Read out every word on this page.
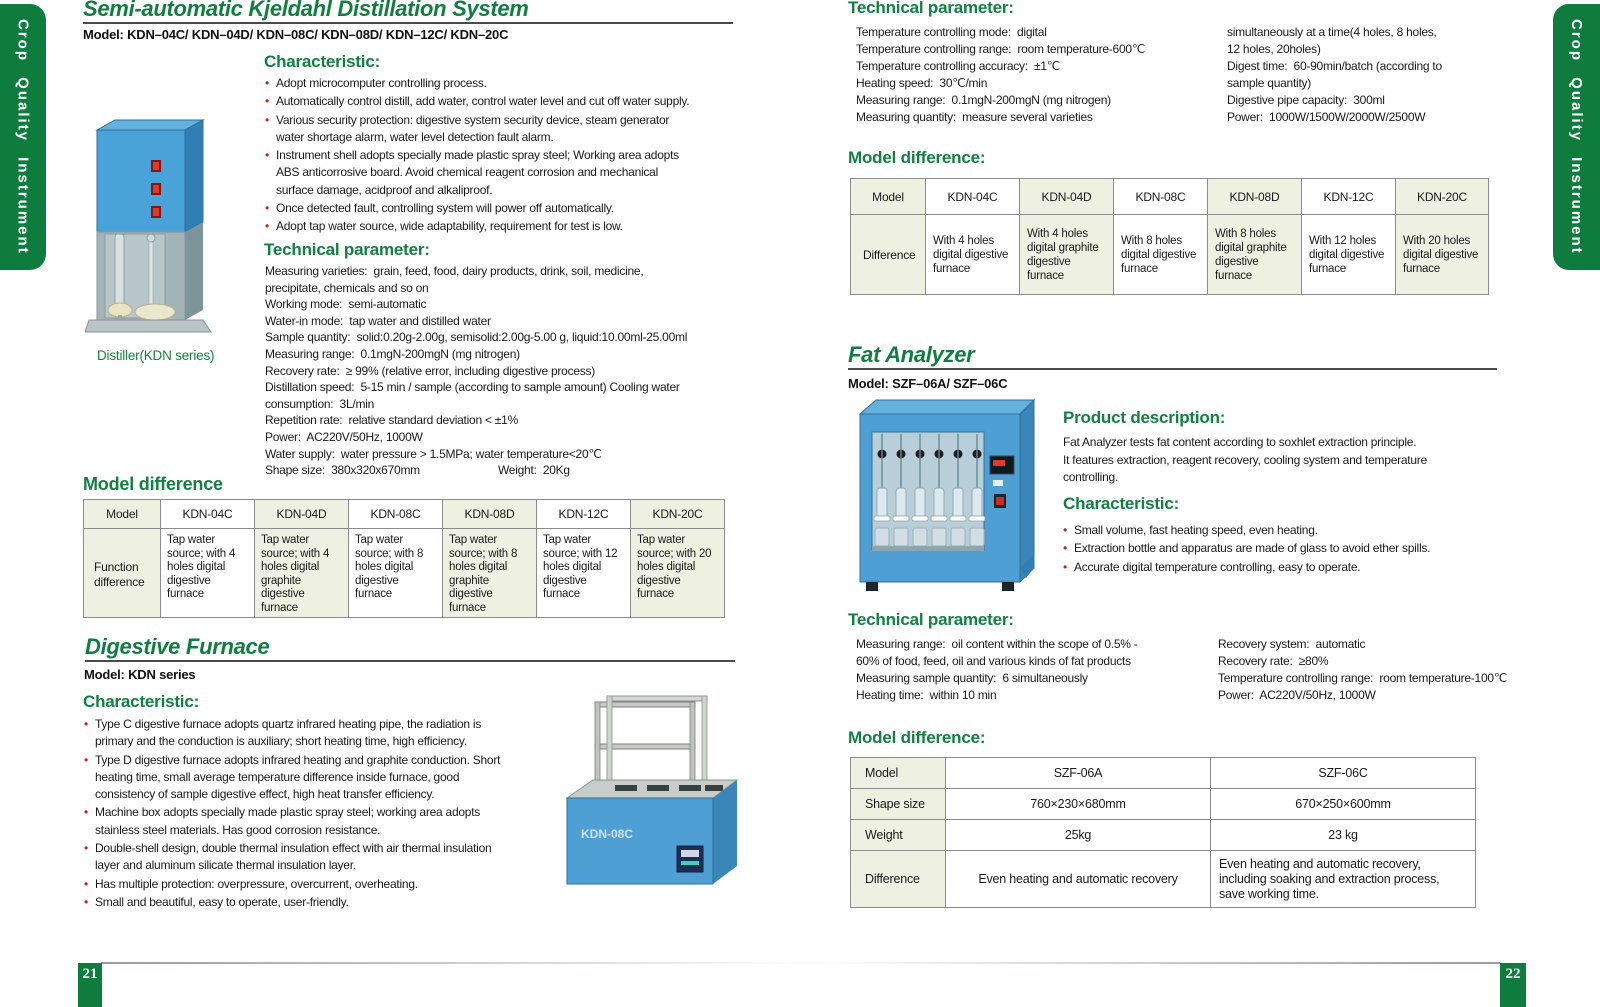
Crop Quality Instrument	Crop Quality Instrument
Semi-automatic Kjeldahl Distillation System
Model: KDN–04C/ KDN–04D/ KDN–08C/ KDN–08D/ KDN–12C/ KDN–20C
Distiller(KDN series)
Characteristic:
• Adopt microcomputer controlling process.
• Automatically control distill, add water, control water level and cut off water supply.
• Various security protection: digestive system security device, steam generator
water shortage alarm, water level detection fault alarm.
• Instrument shell adopts specially made plastic spray steel; Working area adopts
ABS anticorrosive board. Avoid chemical reagent corrosion and mechanical
surface damage, acidproof and alkaliproof.
• Once detected fault, controlling system will power off automatically.
• Adopt tap water source, wide adaptability, requirement for test is low.
Technical parameter:
Measuring varieties:  grain, feed, food, dairy products, drink, soil, medicine,
precipitate, chemicals and so on
Working mode:  semi-automatic
Water-in mode:  tap water and distilled water
Sample quantity:  solid:0.20g-2.00g, semisolid:2.00g-5.00 g, liquid:10.00ml-25.00ml
Measuring range:  0.1mgN-200mgN (mg nitrogen)
Recovery rate:  ≥ 99% (relative error, including digestive process)
Distillation speed:  5-15 min / sample (according to sample amount) Cooling water
consumption:  3L/min
Repetition rate:  relative standard deviation < ±1%
Power:  AC220V/50Hz, 1000W
Water supply:  water pressure > 1.5MPa; water temperature<20℃
Shape size:  380x320x670mm	Weight:  20Kg
Model difference
Model	KDN-04C	KDN-04D	KDN-08C	KDN-08D	KDN-12C	KDN-20C
Function difference	Tap water source; with 4 holes digital digestive furnace	Tap water source; with 4 holes digital graphite digestive furnace	Tap water source; with 8 holes digital digestive furnace	Tap water source; with 8 holes digital graphite digestive furnace	Tap water source; with 12 holes digital digestive furnace	Tap water source; with 20 holes digital digestive furnace
Digestive Furnace
Model: KDN series
Characteristic:
• Type C digestive furnace adopts quartz infrared heating pipe, the radiation is
primary and the conduction is auxiliary; short heating time, high efficiency.
• Type D digestive furnace adopts infrared heating and graphite conduction. Short
heating time, small average temperature difference inside furnace, good
consistency of sample digestive effect, high heat transfer efficiency.
• Machine box adopts specially made plastic spray steel; working area adopts
stainless steel materials. Has good corrosion resistance.
• Double-shell design, double thermal insulation effect with air thermal insulation
layer and aluminum silicate thermal insulation layer.
• Has multiple protection: overpressure, overcurrent, overheating.
• Small and beautiful, easy to operate, user-friendly.
KDN-08C
Technical parameter:
Temperature controlling mode:  digital
Temperature controlling range:  room temperature-600℃
Temperature controlling accuracy:  ±1℃
Heating speed:  30℃/min
Measuring range:  0.1mgN-200mgN (mg nitrogen)
Measuring quantity:  measure several varieties
simultaneously at a time(4 holes, 8 holes,
12 holes, 20holes)
Digest time:  60-90min/batch (according to
sample quantity)
Digestive pipe capacity:  300ml
Power:  1000W/1500W/2000W/2500W
Model difference:
Model	KDN-04C	KDN-04D	KDN-08C	KDN-08D	KDN-12C	KDN-20C
Difference	With 4 holes digital digestive furnace	With 4 holes digital graphite digestive furnace	With 8 holes digital digestive furnace	With 8 holes digital graphite digestive furnace	With 12 holes digital digestive furnace	With 20 holes digital digestive furnace
Fat Analyzer
Model: SZF–06A/ SZF–06C
Product description:
Fat Analyzer tests fat content according to soxhlet extraction principle.
It features extraction, reagent recovery, cooling system and temperature
controlling.
Characteristic:
• Small volume, fast heating speed, even heating.
• Extraction bottle and apparatus are made of glass to avoid ether spills.
• Accurate digital temperature controlling, easy to operate.
Technical parameter:
Measuring range:  oil content within the scope of 0.5% -
60% of food, feed, oil and various kinds of fat products
Measuring sample quantity:  6 simultaneously
Heating time:  within 10 min
Recovery system:  automatic
Recovery rate:  ≥80%
Temperature controlling range:  room temperature-100℃
Power:  AC220V/50Hz, 1000W
Model difference:
Model	SZF-06A	SZF-06C
Shape size	760×230×680mm	670×250×600mm
Weight	25kg	23 kg
Difference	Even heating and automatic recovery	Even heating and automatic recovery, including soaking and extraction process, save working time.
21	22
